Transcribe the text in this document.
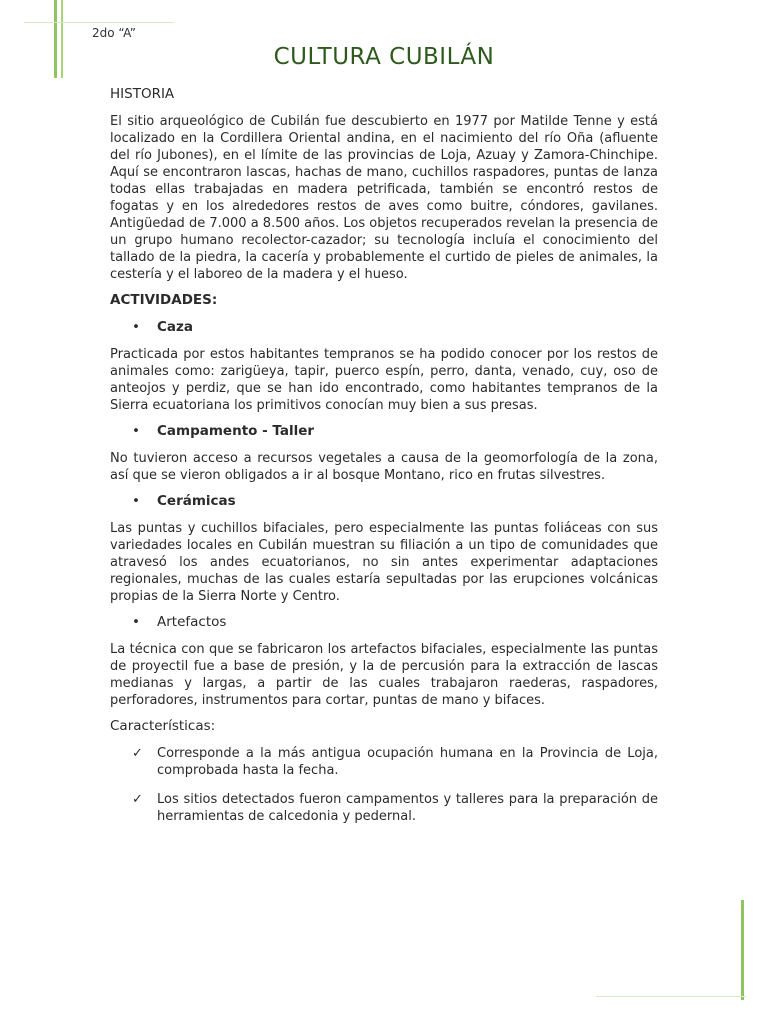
2do “A”
CULTURA CUBILÁN
HISTORIA

El sitio arqueológico de Cubilán fue descubierto en 1977 por Matilde Tenne y está localizado en la Cordillera Oriental andina, en el nacimiento del río Oña (afluente del río Jubones), en el límite de las provincias de Loja, Azuay y Zamora-Chinchipe. Aquí se encontraron lascas, hachas de mano, cuchillos raspadores, puntas de lanza todas ellas trabajadas en madera petrificada, también se encontró restos de fogatas y en los alrededores restos de aves como buitre, cóndores, gavilanes. Antigüedad de 7.000 a 8.500 años. Los objetos recuperados revelan la presencia de un grupo humano recolector-cazador; su tecnología incluía el conocimiento del tallado de la piedra, la cacería y probablemente el curtido de pieles de animales, la cestería y el laboreo de la madera y el hueso.

ACTIVIDADES:
• Caza

Practicada por estos habitantes tempranos se ha podido conocer por los restos de animales como: zarigüeya, tapir, puerco espín, perro, danta, venado, cuy, oso de anteojos y perdiz, que se han ido encontrado, como habitantes tempranos de la Sierra ecuatoriana los primitivos conocían muy bien a sus presas.

• Campamento - Taller

No tuvieron acceso a recursos vegetales a causa de la geomorfología de la zona, así que se vieron obligados a ir al bosque Montano, rico en frutas silvestres.

• Cerámicas

Las puntas y cuchillos bifaciales, pero especialmente las puntas foliáceas con sus variedades locales en Cubilán muestran su filiación a un tipo de comunidades que atravesó los andes ecuatorianos, no sin antes experimentar adaptaciones regionales, muchas de las cuales estaría sepultadas por las erupciones volcánicas propias de la Sierra Norte y Centro.

• Artefactos

La técnica con que se fabricaron los artefactos bifaciales, especialmente las puntas de proyectil fue a base de presión, y la de percusión para la extracción de lascas medianas y largas, a partir de las cuales trabajaron raederas, raspadores, perforadores, instrumentos para cortar, puntas de mano y bifaces.

Características:
✓ Corresponde a la más antigua ocupación humana en la Provincia de Loja, comprobada hasta la fecha.
✓ Los sitios detectados fueron campamentos y talleres para la preparación de herramientas de calcedonia y pedernal.
